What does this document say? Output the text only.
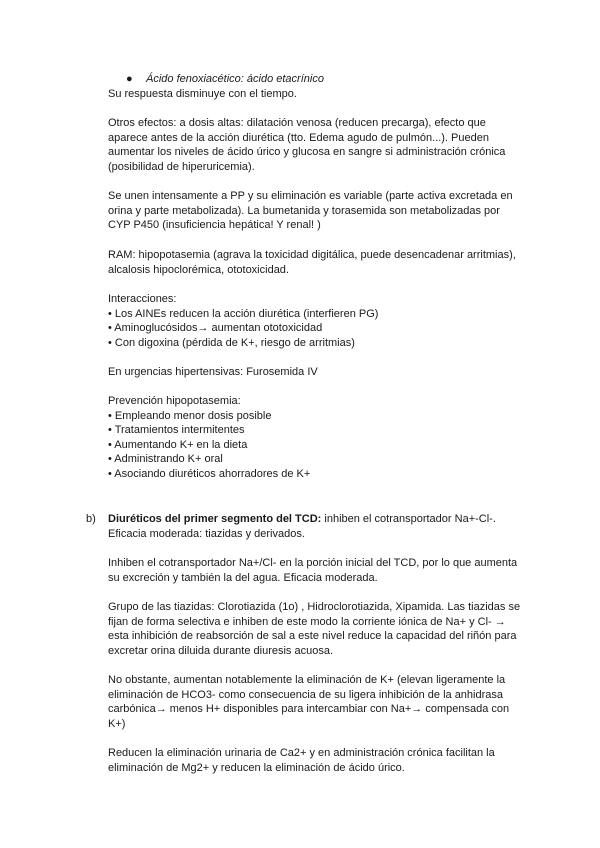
● Ácido fenoxiacético: ácido etacrínico

Su respuesta disminuye con el tiempo.

Otros efectos: a dosis altas: dilatación venosa (reducen precarga), efecto que

aparece antes de la acción diurética (tto. Edema agudo de pulmón...). Pueden

aumentar los niveles de ácido úrico y glucosa en sangre si administración crónica

(posibilidad de hiperuricemia).

Se unen intensamente a PP y su eliminación es variable (parte activa excretada en

orina y parte metabolizada). La bumetanida y torasemida son metabolizadas por

CYP P450 (insuficiencia hepática! Y renal! )

RAM: hipopotasemia (agrava la toxicidad digitálica, puede desencadenar arritmias),

alcalosis hipoclorémica, ototoxicidad.

Interacciones:

• Los AINEs reducen la acción diurética (interfieren PG)

• Aminoglucósidos→ aumentan ototoxicidad

• Con digoxina (pérdida de K+, riesgo de arritmias)

En urgencias hipertensivas: Furosemida IV

Prevención hipopotasemia:

• Empleando menor dosis posible

• Tratamientos intermitentes

• Aumentando K+ en la dieta

• Administrando K+ oral

• Asociando diuréticos ahorradores de K+

b) Diuréticos del primer segmento del TCD: inhiben el cotransportador Na+-Cl-.

Eficacia moderada: tiazidas y derivados.

Inhiben el cotransportador Na+/Cl- en la porción inicial del TCD, por lo que aumenta

su excreción y también la del agua. Eficacia moderada.

Grupo de las tiazidas: Clorotiazida (1o) , Hidroclorotiazida, Xipamida. Las tiazidas se

fijan de forma selectiva e inhiben de este modo la corriente iónica de Na+ y Cl- →

esta inhibición de reabsorción de sal a este nivel reduce la capacidad del riñón para

excretar orina diluida durante diuresis acuosa.

No obstante, aumentan notablemente la eliminación de K+ (elevan ligeramente la

eliminación de HCO3- como consecuencia de su ligera inhibición de la anhidrasa

carbónica→ menos H+ disponibles para intercambiar con Na+→ compensada con

K+)

Reducen la eliminación urinaria de Ca2+ y en administración crónica facilitan la

eliminación de Mg2+ y reducen la eliminación de ácido úrico.
